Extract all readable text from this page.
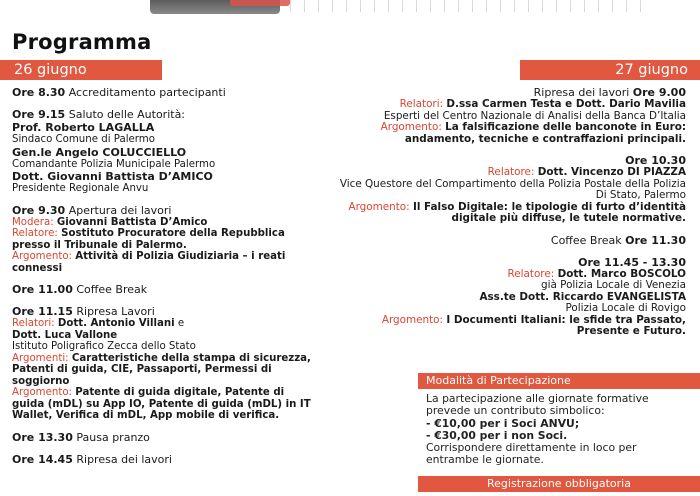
Programma
26 giugno	27 giugno
Ore 8.30 Accreditamento partecipanti
Ore 9.15 Saluto delle Autorità:
Prof. Roberto LAGALLA
Sindaco Comune di Palermo
Gen.le Angelo COLUCCIELLO
Comandante Polizia Municipale Palermo
Dott. Giovanni Battista D’AMICO
Presidente Regionale Anvu
Ore 9.30 Apertura dei lavori
Modera: Giovanni Battista D’Amico
Relatore: Sostituto Procuratore della Repubblica presso il Tribunale di Palermo.
Argomento: Attività di Polizia Giudiziaria – i reati connessi
Ore 11.00 Coffee Break
Ore 11.15 Ripresa Lavori
Relatori: Dott. Antonio Villani e
Dott. Luca Vallone
Istituto Poligrafico Zecca dello Stato
Argomenti: Caratteristiche della stampa di sicurezza, Patenti di guida, CIE, Passaporti, Permessi di soggiorno
Argomento: Patente di guida digitale, Patente di guida (mDL) su App IO, Patente di guida (mDL) in IT Wallet, Verifica di mDL, App mobile di verifica.
Ore 13.30 Pausa pranzo
Ore 14.45 Ripresa dei lavori
Ripresa dei lavori Ore 9.00
Relatori: D.ssa Carmen Testa e Dott. Dario Mavilia
Esperti del Centro Nazionale di Analisi della Banca D’Italia
Argomento: La falsificazione delle banconote in Euro: andamento, tecniche e contraffazioni principali.
Ore 10.30
Relatore: Dott. Vincenzo DI PIAZZA
Vice Questore del Compartimento della Polizia Postale della Polizia Di Stato, Palermo
Argomento: Il Falso Digitale: le tipologie di furto d’identità digitale più diffuse, le tutele normative.
Coffee Break Ore 11.30
Ore 11.45 - 13.30
Relatore: Dott. Marco BOSCOLO
già Polizia Locale di Venezia
Ass.te Dott. Riccardo EVANGELISTA
Polizia Locale di Rovigo
Argomento: I Documenti Italiani: le sfide tra Passato, Presente e Futuro.
Modalità di Partecipazione
La partecipazione alle giornate formative prevede un contributo simbolico:
- €10,00 per i Soci ANVU;
- €30,00 per i non Soci.
Corrispondere direttamente in loco per entrambe le giornate.
Registrazione obbligatoria
